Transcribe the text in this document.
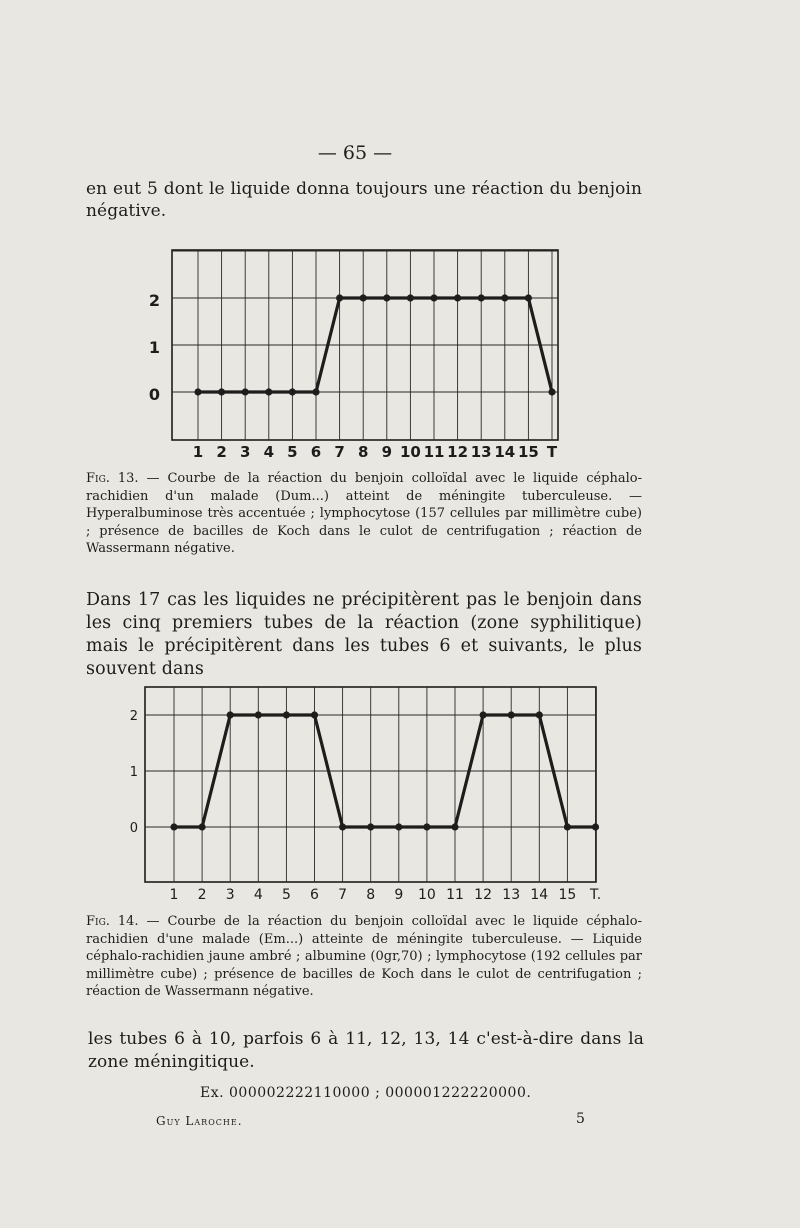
— 65 —
en eut 5 dont le liquide donna toujours une réaction du benjoin négative.
0
1
2
1 2 3 4 5 6 7 8 9 10 11 12 13 14 15 T
Fig. 13. — Courbe de la réaction du benjoin colloïdal avec le liquide céphalo-rachidien d'un malade (Dum...) atteint de méningite tuberculeuse. — Hyperalbuminose très accentuée ; lymphocytose (157 cellules par millimètre cube) ; présence de bacilles de Koch dans le culot de centrifugation ; réaction de Wassermann négative.
Dans 17 cas les liquides ne précipitèrent pas le benjoin dans les cinq premiers tubes de la réaction (zone syphilitique) mais le précipitèrent dans les tubes 6 et suivants, le plus souvent dans
0
1
2
1 2 3 4 5 6 7 8 9 10 11 12 13 14 15 T.
Fig. 14. — Courbe de la réaction du benjoin colloïdal avec le liquide céphalo-rachidien d'une malade (Em...) atteinte de méningite tuberculeuse. — Liquide céphalo-rachidien jaune ambré ; albumine (0gr,70) ; lymphocytose (192 cellules par millimètre cube) ; présence de bacilles de Koch dans le culot de centrifugation ; réaction de Wassermann négative.
les tubes 6 à 10, parfois 6 à 11, 12, 13, 14 c'est-à-dire dans la zone méningitique.
Ex. 000002222110000 ; 000001222220000.
Guy Laroche.	5
